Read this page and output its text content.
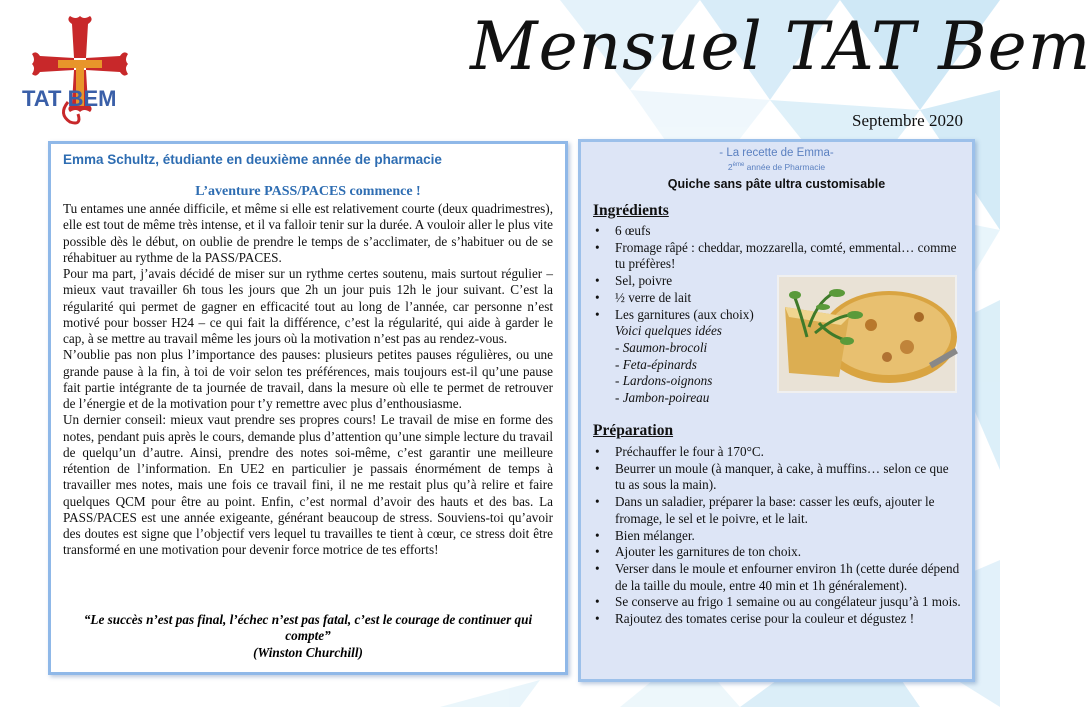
TAT BEM
Mensuel TAT Bem
Septembre 2020
Emma Schultz, étudiante en deuxième année de pharmacie
L’aventure PASS/PACES commence !

Tu entames une année difficile, et même si elle est relativement courte (deux quadrimestres), elle est tout de même très intense, et il va falloir tenir sur la durée. A vouloir aller le plus vite possible dès le début, on oublie de prendre le temps de s’acclimater, de s’habituer ou de se réhabituer au rythme de la PASS/PACES.

Pour ma part, j’avais décidé de miser sur un rythme certes soutenu, mais surtout régulier – mieux vaut travailler 6h tous les jours que 2h un jour puis 12h le jour suivant. C’est la régularité qui permet de gagner en efficacité tout au long de l’année, car personne n’est motivé pour bosser H24 – ce qui fait la différence, c’est la régularité, qui aide à garder le cap, à se mettre au travail même les jours où la motivation n’est pas au rendez-vous.

N’oublie pas non plus l’importance des pauses: plusieurs petites pauses régulières, ou une grande pause à la fin, à toi de voir selon tes préférences, mais toujours est-il qu’une pause fait partie intégrante de ta journée de travail, dans la mesure où elle te permet de retrouver de l’énergie et de la motivation pour t’y remettre avec plus d’enthousiasme.

Un dernier conseil: mieux vaut prendre ses propres cours! Le travail de mise en forme des notes, pendant puis après le cours, demande plus d’attention qu’une simple lecture du travail de quelqu’un d’autre. Ainsi, prendre des notes soi-même, c’est garantir une meilleure rétention de l’information. En UE2 en particulier je passais énormément de temps à travailler mes notes, mais une fois ce travail fini, il ne me restait plus qu’à relire et faire quelques QCM pour être au point. Enfin, c’est normal d’avoir des hauts et des bas. La PASS/PACES est une année exigeante, générant beaucoup de stress. Souviens-toi qu’avoir des doutes est signe que l’objectif vers lequel tu travailles te tient à cœur, ce stress doit être transformé en une motivation pour devenir force motrice de tes efforts!

“Le succès n’est pas final, l’échec n’est pas fatal, c’est le courage de continuer qui compte”
(Winston Churchill)
- La recette de Emma-
2ème année de Pharmacie
Quiche sans pâte ultra customisable
Ingrédients
• 6 œufs
• Fromage râpé : cheddar, mozzarella, comté, emmental… comme tu préfères!
• Sel, poivre
• ½ verre de lait
• Les garnitures (aux choix)
Voici quelques idées
- Saumon-brocoli
- Feta-épinards
- Lardons-oignons
- Jambon-poireau
Préparation
• Préchauffer le four à 170°C.
• Beurrer un moule (à manquer, à cake, à muffins… selon ce que tu as sous la main).
• Dans un saladier, préparer la base: casser les œufs, ajouter le fromage, le sel et le poivre, et le lait.
• Bien mélanger.
• Ajouter les garnitures de ton choix.
• Verser dans le moule et enfourner environ 1h (cette durée dépend de la taille du moule, entre 40 min et 1h généralement).
• Se conserve au frigo 1 semaine ou au congélateur jusqu’à 1 mois.
• Rajoutez des tomates cerise pour la couleur et dégustez !
